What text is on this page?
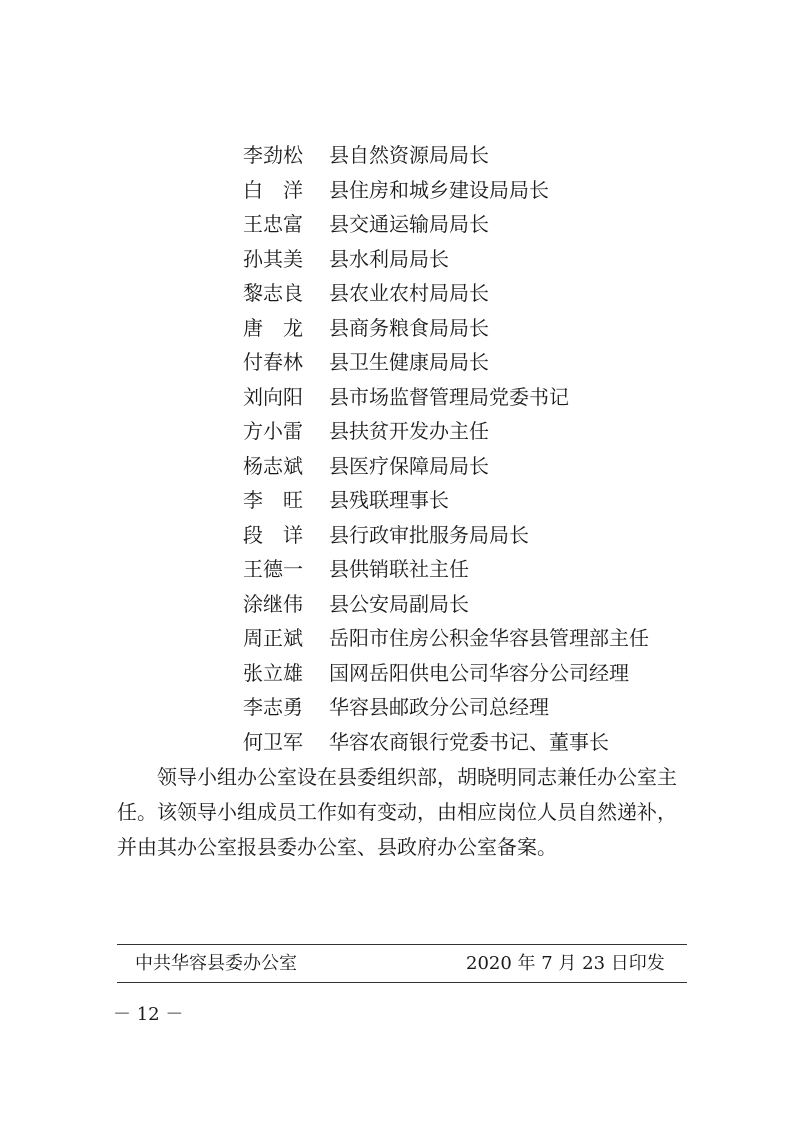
李劲松	县自然资源局局长
白　洋	县住房和城乡建设局局长
王忠富	县交通运输局局长
孙其美	县水利局局长
黎志良	县农业农村局局长
唐　龙	县商务粮食局局长
付春林	县卫生健康局局长
刘向阳	县市场监督管理局党委书记
方小雷	县扶贫开发办主任
杨志斌	县医疗保障局局长
李　旺	县残联理事长
段　详	县行政审批服务局局长
王德一	县供销联社主任
涂继伟	县公安局副局长
周正斌	岳阳市住房公积金华容县管理部主任
张立雄	国网岳阳供电公司华容分公司经理
李志勇	华容县邮政分公司总经理
何卫军	华容农商银行党委书记、董事长

领导小组办公室设在县委组织部，胡晓明同志兼任办公室主任。该领导小组成员工作如有变动，由相应岗位人员自然递补，并由其办公室报县委办公室、县政府办公室备案。

中共华容县委办公室	2020 年 7 月 23 日印发
－ 12 －
